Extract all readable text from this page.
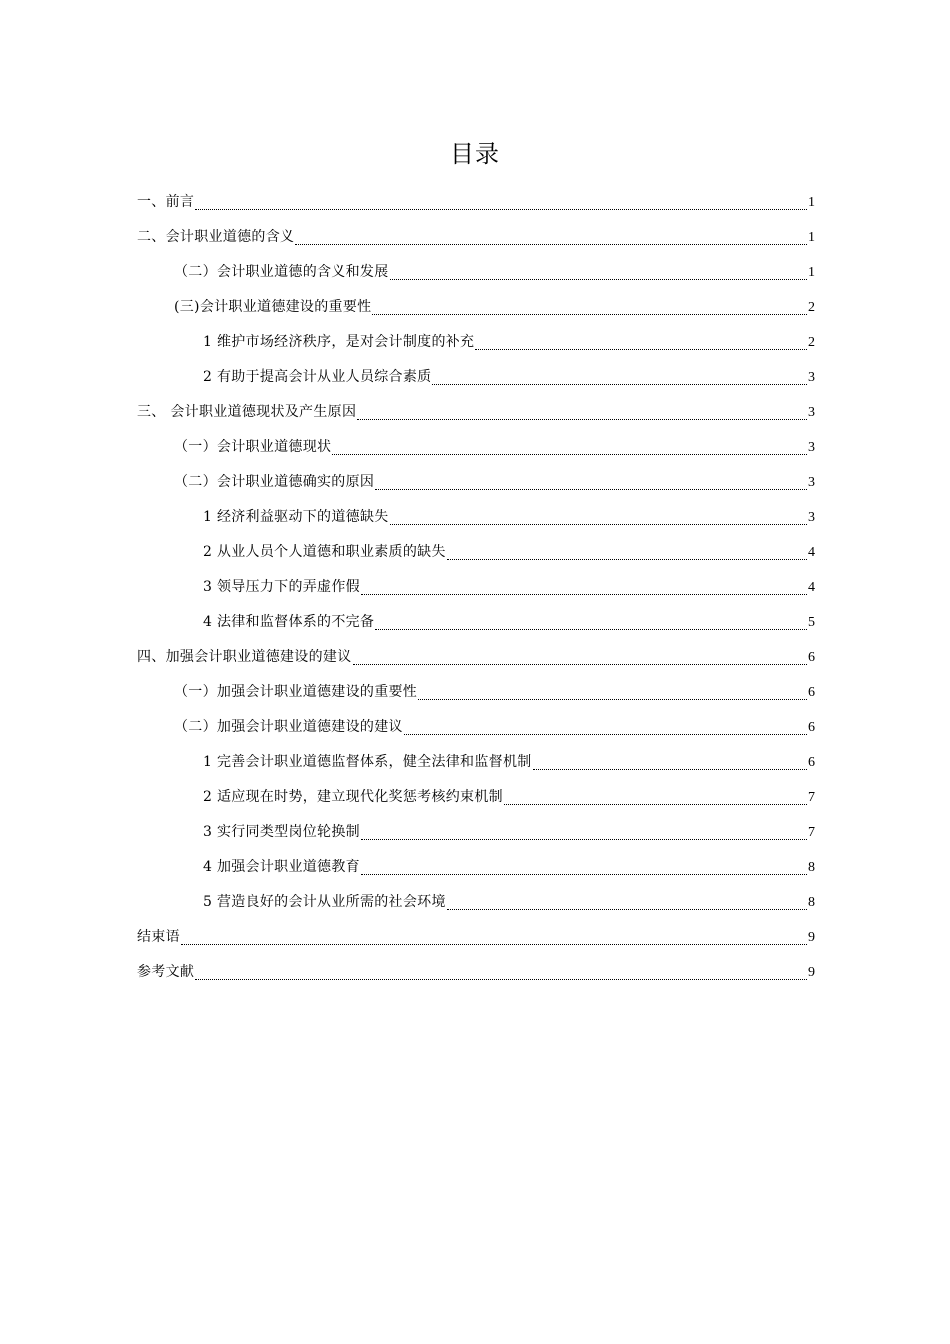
目录
一、前言	1
二、会计职业道德的含义	1
（二）会计职业道德的含义和发展	1
(三)会计职业道德建设的重要性	2
1 维护市场经济秩序，是对会计制度的补充	2
2 有助于提高会计从业人员综合素质	3
三、 会计职业道德现状及产生原因	3
（一）会计职业道德现状	3
（二）会计职业道德确实的原因	3
1 经济利益驱动下的道德缺失	3
2 从业人员个人道德和职业素质的缺失	4
3 领导压力下的弄虚作假	4
4 法律和监督体系的不完备	5
四、加强会计职业道德建设的建议	6
（一）加强会计职业道德建设的重要性	6
（二）加强会计职业道德建设的建议	6
1 完善会计职业道德监督体系，健全法律和监督机制	6
2 适应现在时势，建立现代化奖惩考核约束机制	7
3 实行同类型岗位轮换制	7
4 加强会计职业道德教育	8
5 营造良好的会计从业所需的社会环境	8
结束语	9
参考文献	9
